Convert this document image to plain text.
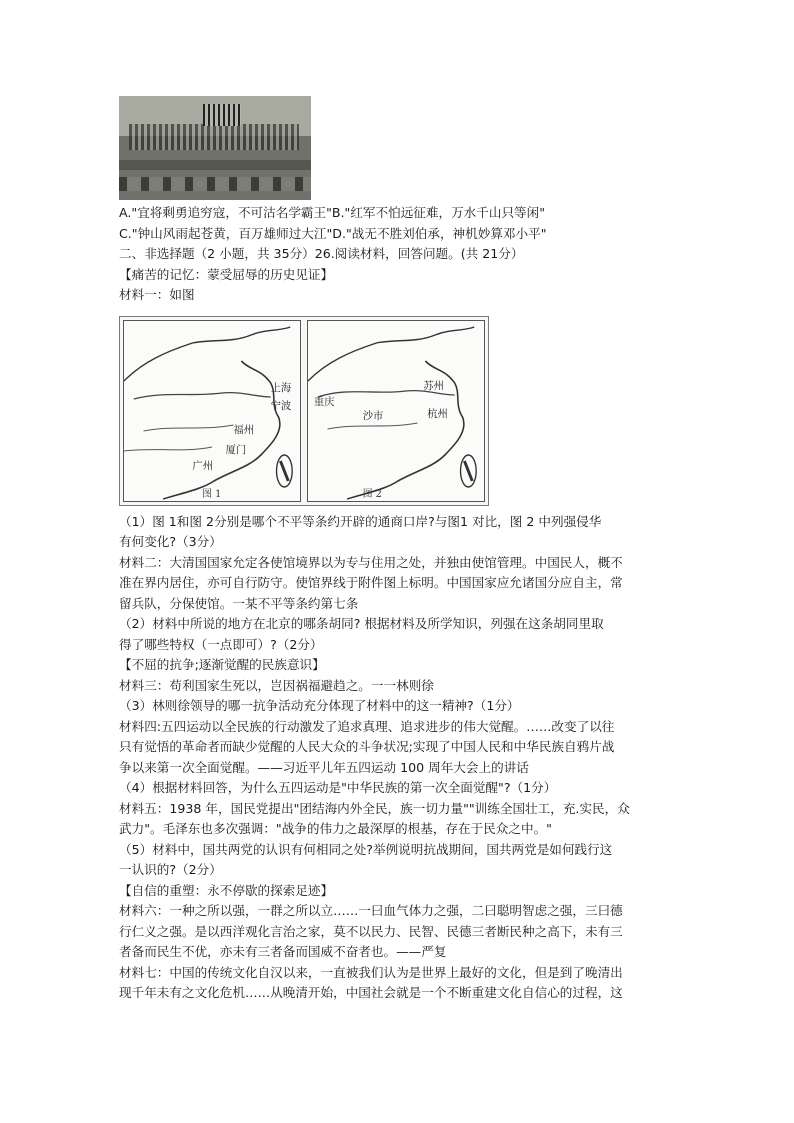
A."宜将剩勇追穷寇，不可沽名学霸王"B."红军不怕远征难，万水千山只等闲"
C."钟山风雨起苍黄，百万雄师过大江"D."战无不胜刘伯承，神机妙算邓小平"
二、非选择题（2 小题，共 35分）26.阅读材料，回答问题。(共 21分）
【痛苦的记忆：蒙受屈辱的历史见证】
材料一：如图
上海
宁波
福州
厦门
广州
图 1
苏州
重庆
沙市	杭州
图 2
（1）图 1和图 2分别是哪个不平等条约开辟的通商口岸?与图1 对比，图 2 中列强侵华
有何变化?（3分）
材料二：大清国国家允定各使馆境界以为专与住用之处，并独由使馆管理。中国民人，概不
准在界内居住，亦可自行防守。使馆界线于附件图上标明。中国国家应允诸国分应自主，常
留兵队，分保使馆。一某不平等条约第七条
（2）材料中所说的地方在北京的哪条胡同? 根据材料及所学知识，列强在这条胡同里取
得了哪些特权（一点即可）?（2分）
【不屈的抗争;逐渐觉醒的民族意识】
材料三：苟利国家生死以，岂因祸福避趋之。一一林则徐
（3）林则徐领导的哪一抗争活动充分体现了材料中的这一精神?（1分）
材料四:五四运动以全民族的行动激发了追求真理、追求进步的伟大觉醒。……改变了以往
只有觉悟的革命者而缺少觉醒的人民大众的斗争状况;实现了中国人民和中华民族自鸦片战
争以来第一次全面觉醒。——习近平儿年五四运动 100 周年大会上的讲话
（4）根据材料回答，为什么五四运动是"中华民族的第一次全面觉醒"?（1分）
材料五：1938 年，国民党提出"团结海内外全民，族一切力量""训练全国壮工，充.实民，众
武力"。毛泽东也多次强调："战争的伟力之最深厚的根基，存在于民众之中。"
（5）材料中，国共两党的认识有何相同之处?举例说明抗战期间，国共两党是如何践行这
一认识的?（2分）
【自信的重塑：永不停歇的探索足迹】
材料六：一种之所以强，一群之所以立……一曰血气体力之强，二曰聪明智虑之强，三曰德
行仁义之强。是以西洋观化言治之家，莫不以民力、民智、民德三者断民种之高下，未有三
者备而民生不优，亦未有三者备而国威不奋者也。——严复
材料七：中国的传统文化自汉以来，一直被我们认为是世界上最好的文化，但是到了晚清出
现千年未有之文化危机……从晚清开始，中国社会就是一个不断重建文化自信心的过程，这
